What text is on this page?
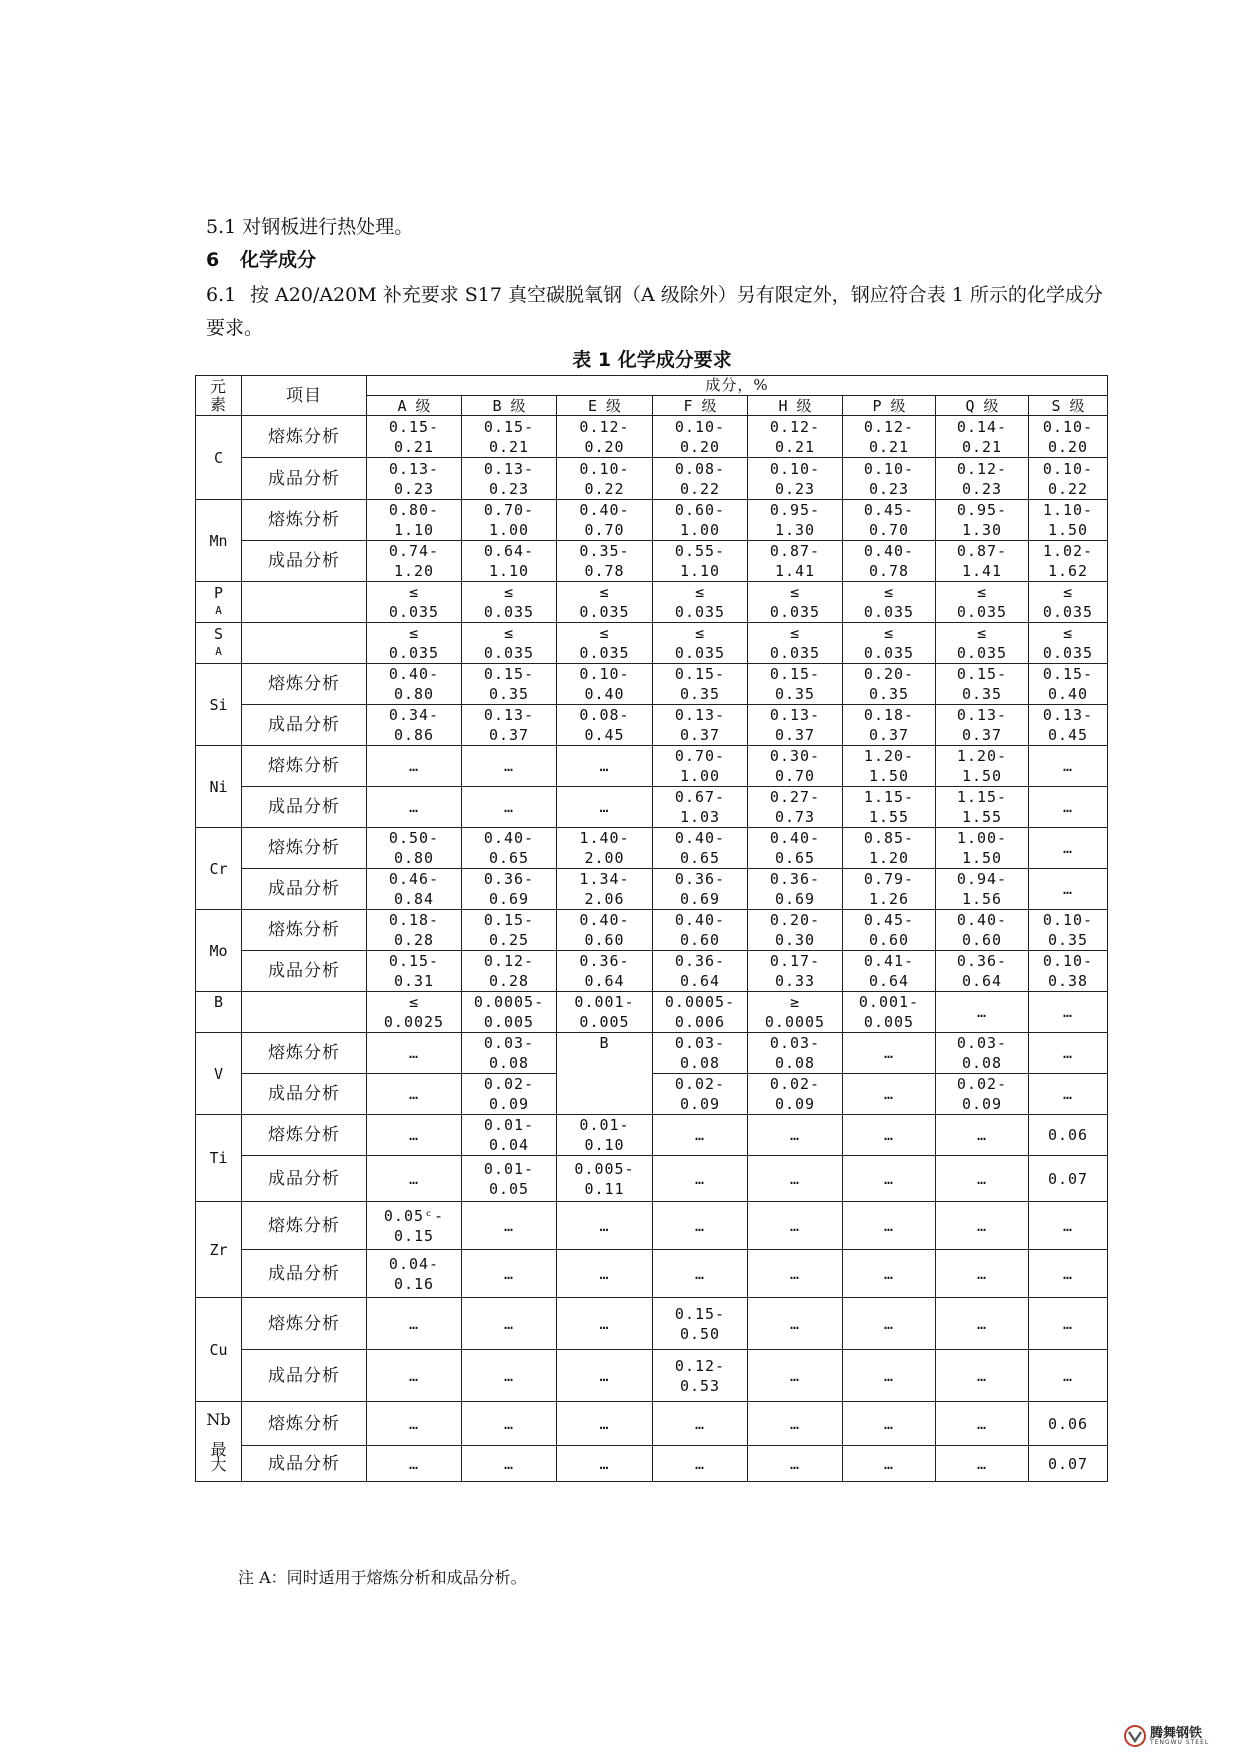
5.1 对钢板进行热处理。
6 化学成分
6.1 按 A20/A20M 补充要求 S17 真空碳脱氧钢（A 级除外）另有限定外，钢应符合表 1 所示的化学成分要求。
表 1 化学成分要求
元
素	项目	成分，%							
		A 级	B 级	E 级	F 级	H 级	P 级	Q 级	S 级

C	熔炼分析	0.15-
0.21	0.15-
0.21	0.12-
0.20	0.10-
0.20	0.12-
0.21	0.12-
0.21	0.14-
0.21	0.10-
0.20

	成品分析	0.13-
0.23	0.13-
0.23	0.10-
0.22	0.08-
0.22	0.10-
0.23	0.10-
0.23	0.12-
0.23	0.10-
0.22

Mn	熔炼分析	0.80-
1.10	0.70-
1.00	0.40-
0.70	0.60-
1.00	0.95-
1.30	0.45-
0.70	0.95-
1.30	1.10-
1.50

	成品分析	0.74-
1.20	0.64-
1.10	0.35-
0.78	0.55-
1.10	0.87-
1.41	0.40-
0.78	0.87-
1.41	1.02-
1.62

P
A		≤
0.035	≤
0.035	≤
0.035	≤
0.035	≤
0.035	≤
0.035	≤
0.035	≤
0.035

S
A		≤
0.035	≤
0.035	≤
0.035	≤
0.035	≤
0.035	≤
0.035	≤
0.035	≤
0.035

Si	熔炼分析	0.40-
0.80	0.15-
0.35	0.10-
0.40	0.15-
0.35	0.15-
0.35	0.20-
0.35	0.15-
0.35	0.15-
0.40

	成品分析	0.34-
0.86	0.13-
0.37	0.08-
0.45	0.13-
0.37	0.13-
0.37	0.18-
0.37	0.13-
0.37	0.13-
0.45

Ni	熔炼分析	…	…	…	0.70-
1.00	0.30-
0.70	1.20-
1.50	1.20-
1.50	…

	成品分析	…	…	…	0.67-
1.03	0.27-
0.73	1.15-
1.55	1.15-
1.55	…

Cr	熔炼分析	0.50-
0.80	0.40-
0.65	1.40-
2.00	0.40-
0.65	0.40-
0.65	0.85-
1.20	1.00-
1.50	…

	成品分析	0.46-
0.84	0.36-
0.69	1.34-
2.06	0.36-
0.69	0.36-
0.69	0.79-
1.26	0.94-
1.56	…

Mo	熔炼分析	0.18-
0.28	0.15-
0.25	0.40-
0.60	0.40-
0.60	0.20-
0.30	0.45-
0.60	0.40-
0.60	0.10-
0.35

	成品分析	0.15-
0.31	0.12-
0.28	0.36-
0.64	0.36-
0.64	0.17-
0.33	0.41-
0.64	0.36-
0.64	0.10-
0.38

B		≤
0.0025	0.0005-
0.005	0.001-
0.005	0.0005-
0.006	≥
0.0005	0.001-
0.005	…	…

V	熔炼分析	…	0.03-
0.08	B	0.03-
0.08	0.03-
0.08	…	0.03-
0.08	…

	成品分析	…	0.02-
0.09		0.02-
0.09	0.02-
0.09	…	0.02-
0.09	…

Ti	熔炼分析	…	0.01-
0.04	0.01-
0.10	…	…	…	…	0.06

	成品分析	…	0.01-
0.05	0.005-
0.11	…	…	…	…	0.07

Zr	熔炼分析	0.05ᶜ-
0.15	…	…	…	…	…	…	…

	成品分析	0.04-
0.16	…	…	…	…	…	…	…

Cu	熔炼分析	…	…	…	0.15-
0.50	…	…	…	…

	成品分析	…	…	…	0.12-
0.53	…	…	…	…

Nb

最
大	熔炼分析	…	…	…	…	…	…	…	0.06

	成品分析	…	…	…	…	…	…	…	0.07
注 A：同时适用于熔炼分析和成品分析。
腾舞钢铁
TENGWU STEEL
